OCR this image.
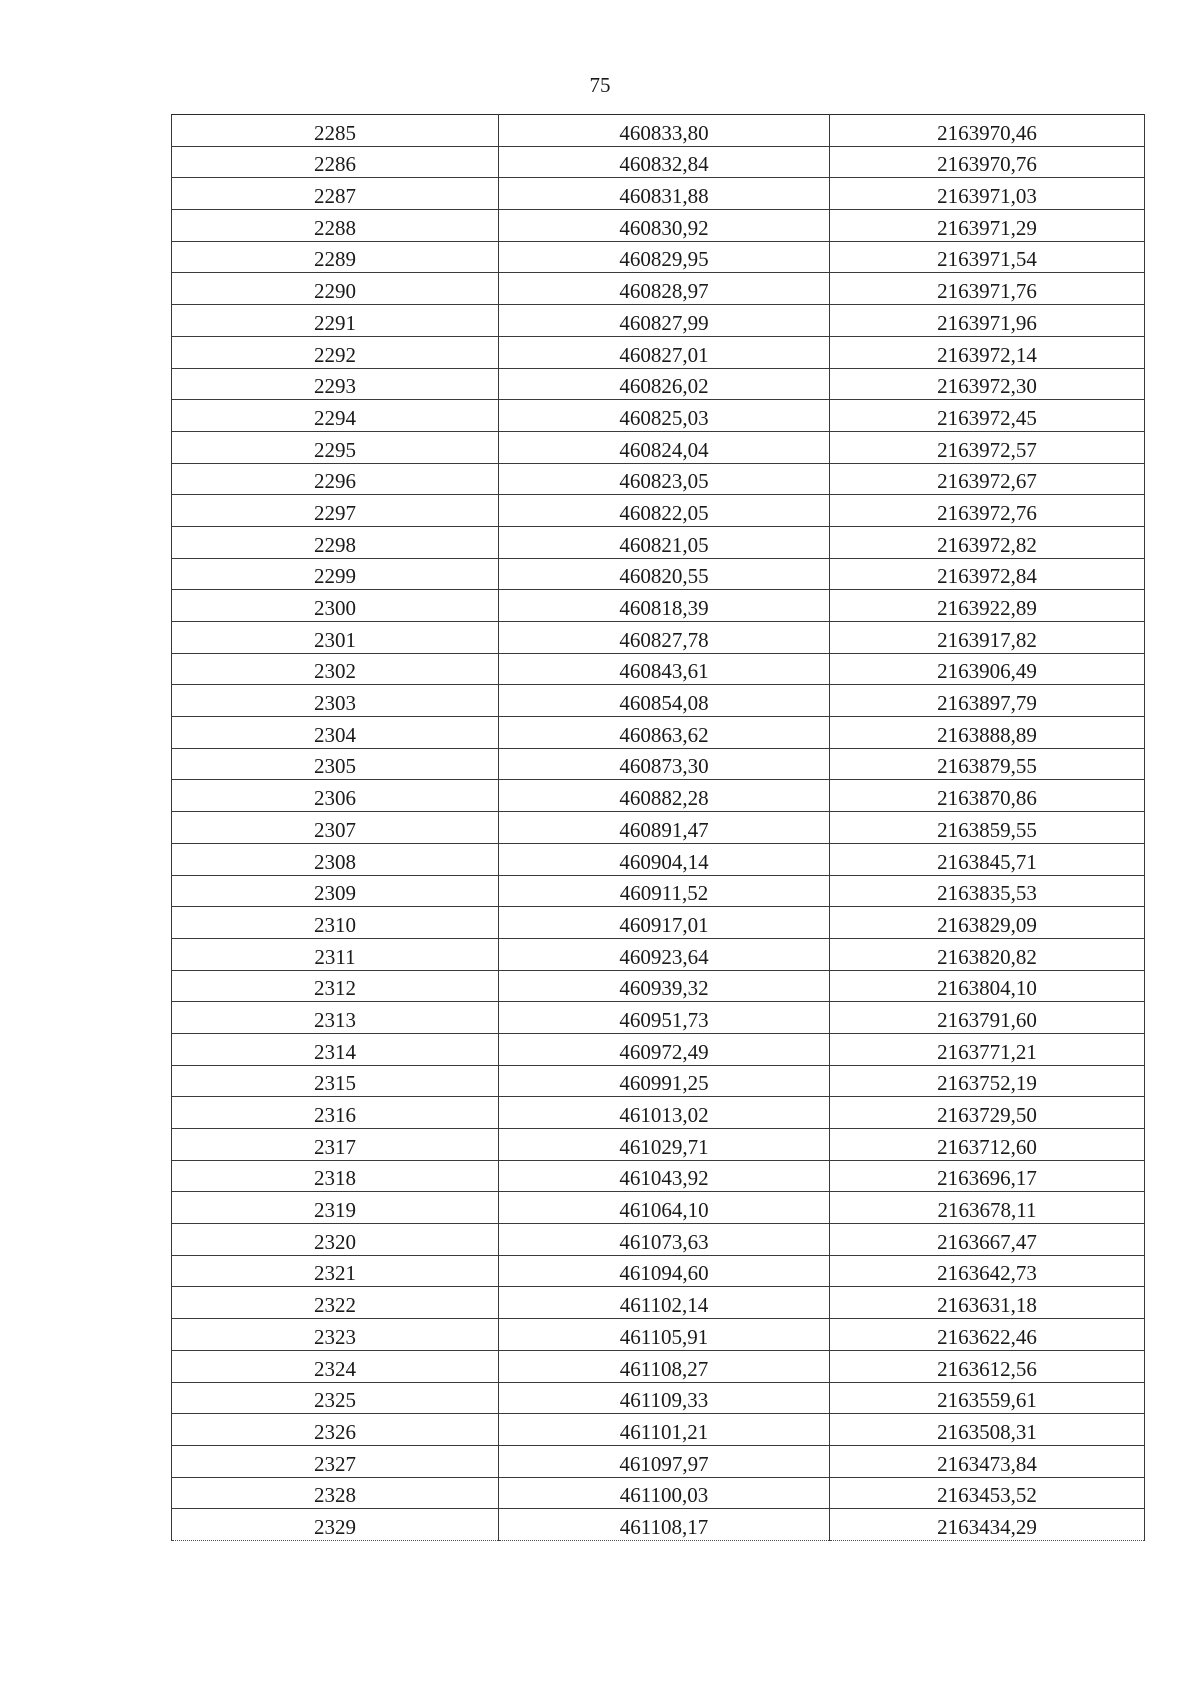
75
2285	460833,80	2163970,46
2286	460832,84	2163970,76
2287	460831,88	2163971,03
2288	460830,92	2163971,29
2289	460829,95	2163971,54
2290	460828,97	2163971,76
2291	460827,99	2163971,96
2292	460827,01	2163972,14
2293	460826,02	2163972,30
2294	460825,03	2163972,45
2295	460824,04	2163972,57
2296	460823,05	2163972,67
2297	460822,05	2163972,76
2298	460821,05	2163972,82
2299	460820,55	2163972,84
2300	460818,39	2163922,89
2301	460827,78	2163917,82
2302	460843,61	2163906,49
2303	460854,08	2163897,79
2304	460863,62	2163888,89
2305	460873,30	2163879,55
2306	460882,28	2163870,86
2307	460891,47	2163859,55
2308	460904,14	2163845,71
2309	460911,52	2163835,53
2310	460917,01	2163829,09
2311	460923,64	2163820,82
2312	460939,32	2163804,10
2313	460951,73	2163791,60
2314	460972,49	2163771,21
2315	460991,25	2163752,19
2316	461013,02	2163729,50
2317	461029,71	2163712,60
2318	461043,92	2163696,17
2319	461064,10	2163678,11
2320	461073,63	2163667,47
2321	461094,60	2163642,73
2322	461102,14	2163631,18
2323	461105,91	2163622,46
2324	461108,27	2163612,56
2325	461109,33	2163559,61
2326	461101,21	2163508,31
2327	461097,97	2163473,84
2328	461100,03	2163453,52
2329	461108,17	2163434,29
